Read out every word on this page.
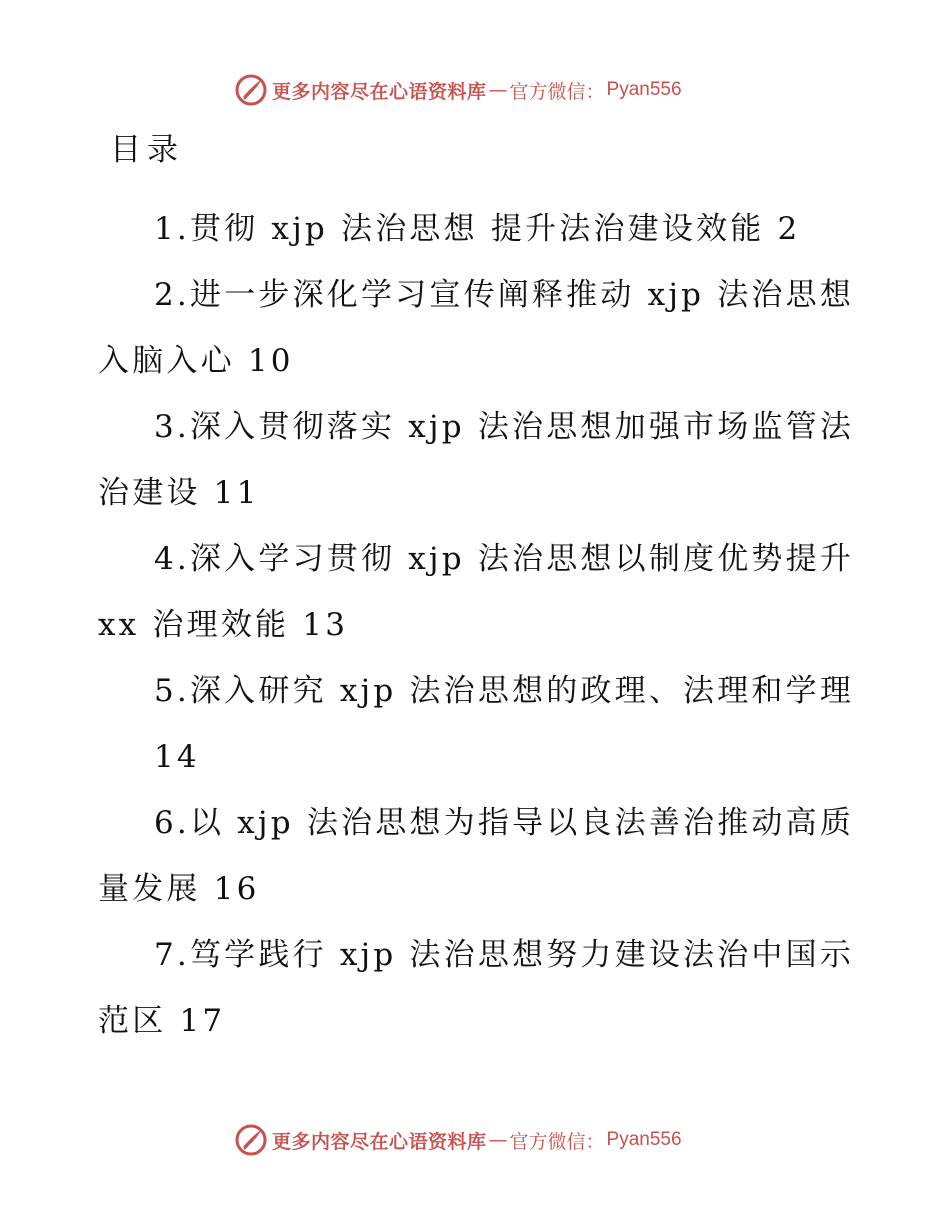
更多内容尽在心语资料库 — 官方微信： Pyan556
目录
1.贯彻 xjp 法治思想 提升法治建设效能 2
2.进一步深化学习宣传阐释推动 xjp 法治思想
入脑入心 10
3.深入贯彻落实 xjp 法治思想加强市场监管法
治建设 11
4.深入学习贯彻 xjp 法治思想以制度优势提升
xx 治理效能 13
5.深入研究 xjp 法治思想的政理、法理和学理
14
6.以 xjp 法治思想为指导以良法善治推动高质
量发展 16
7.笃学践行 xjp 法治思想努力建设法治中国示
范区 17
更多内容尽在心语资料库 — 官方微信： Pyan556
